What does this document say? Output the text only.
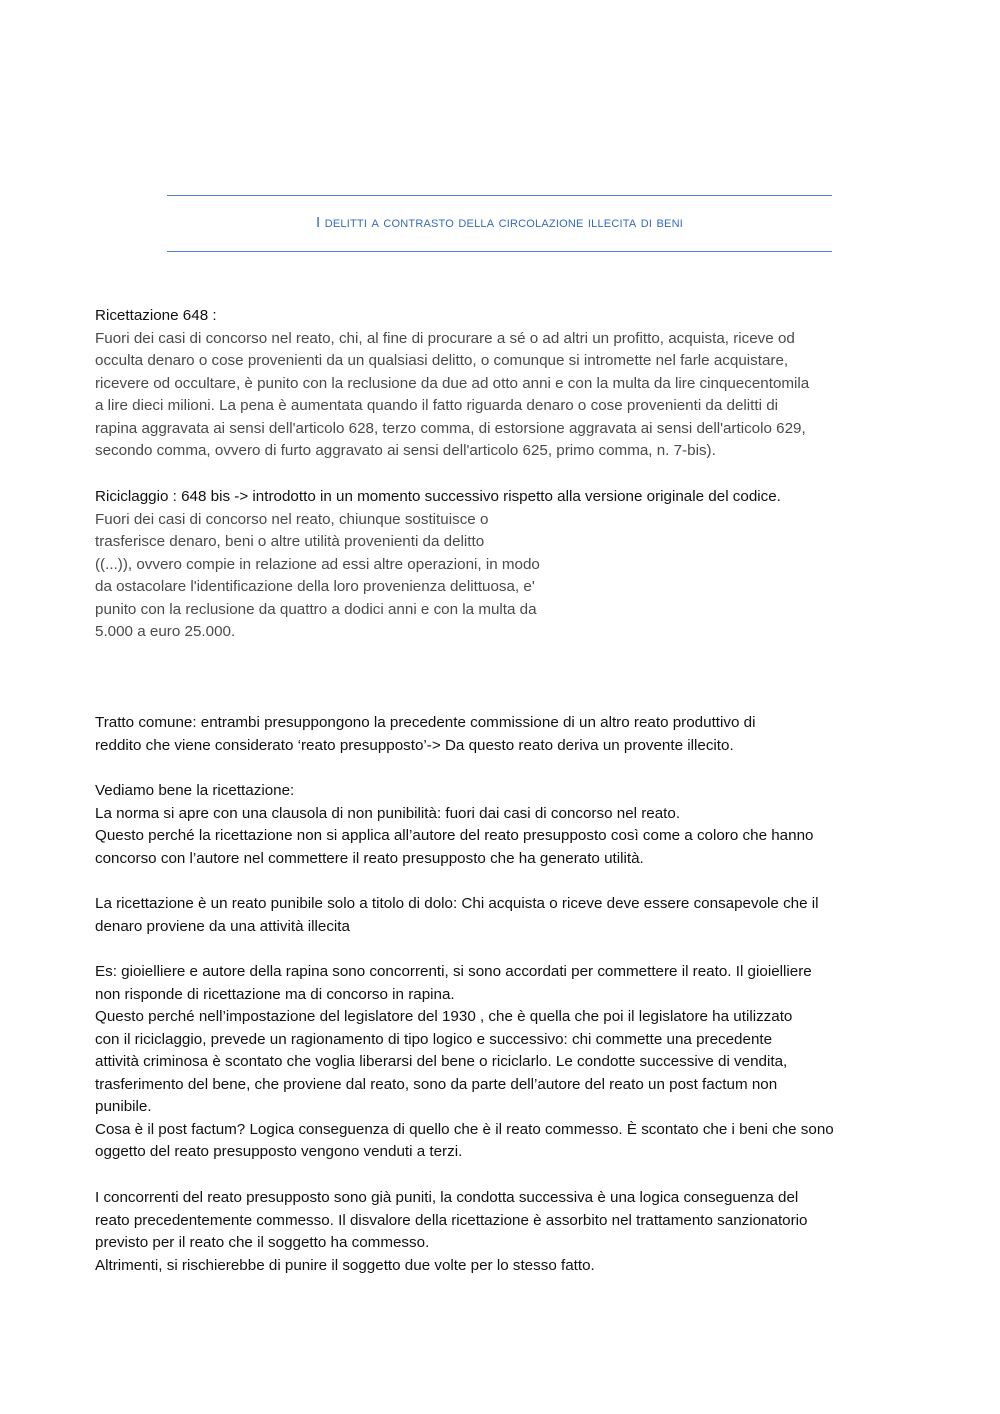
I delitti a contrasto della circolazione illecita di beni
Ricettazione 648 :
Fuori dei casi di concorso nel reato, chi, al fine di procurare a sé o ad altri un profitto, acquista, riceve od
occulta denaro o cose provenienti da un qualsiasi delitto, o comunque si intromette nel farle acquistare,
ricevere od occultare, è punito con la reclusione da due ad otto anni e con la multa da lire cinquecentomila
a lire dieci milioni. La pena è aumentata quando il fatto riguarda denaro o cose provenienti da delitti di
rapina aggravata ai sensi dell'articolo 628, terzo comma, di estorsione aggravata ai sensi dell'articolo 629,
secondo comma, ovvero di furto aggravato ai sensi dell'articolo 625, primo comma, n. 7-bis).
Riciclaggio : 648 bis -> introdotto in un momento successivo rispetto alla versione originale del codice.
Fuori dei casi di concorso nel reato, chiunque sostituisce o
trasferisce denaro, beni o altre utilità provenienti da delitto
((...)), ovvero compie in relazione ad essi altre operazioni, in modo
da ostacolare l'identificazione della loro provenienza delittuosa, e'
punito con la reclusione da quattro a dodici anni e con la multa da
5.000 a euro 25.000.
Tratto comune: entrambi presuppongono la precedente commissione di un altro reato produttivo di
reddito che viene considerato ‘reato presupposto’-> Da questo reato deriva un provente illecito.
Vediamo bene la ricettazione:
La norma si apre con una clausola di non punibilità: fuori dai casi di concorso nel reato.
Questo perché la ricettazione non si applica all’autore del reato presupposto così come a coloro che hanno
concorso con l’autore nel commettere il reato presupposto che ha generato utilità.
La ricettazione è un reato punibile solo a titolo di dolo: Chi acquista o riceve deve essere consapevole che il
denaro proviene da una attività illecita
Es: gioielliere e autore della rapina sono concorrenti, si sono accordati per commettere il reato. Il gioielliere
non risponde di ricettazione ma di concorso in rapina.
Questo perché nell’impostazione del legislatore del 1930 , che è quella che poi il legislatore ha utilizzato
con il riciclaggio, prevede un ragionamento di tipo logico e successivo: chi commette una precedente
attività criminosa è scontato che voglia liberarsi del bene o riciclarlo. Le condotte successive di vendita,
trasferimento del bene, che proviene dal reato, sono da parte dell’autore del reato un post factum non
punibile.
Cosa è il post factum? Logica conseguenza di quello che è il reato commesso. È scontato che i beni che sono
oggetto del reato presupposto vengono venduti a terzi.
I concorrenti del reato presupposto sono già puniti, la condotta successiva è una logica conseguenza del
reato precedentemente commesso. Il disvalore della ricettazione è assorbito nel trattamento sanzionatorio
previsto per il reato che il soggetto ha commesso.
Altrimenti, si rischierebbe di punire il soggetto due volte per lo stesso fatto.
